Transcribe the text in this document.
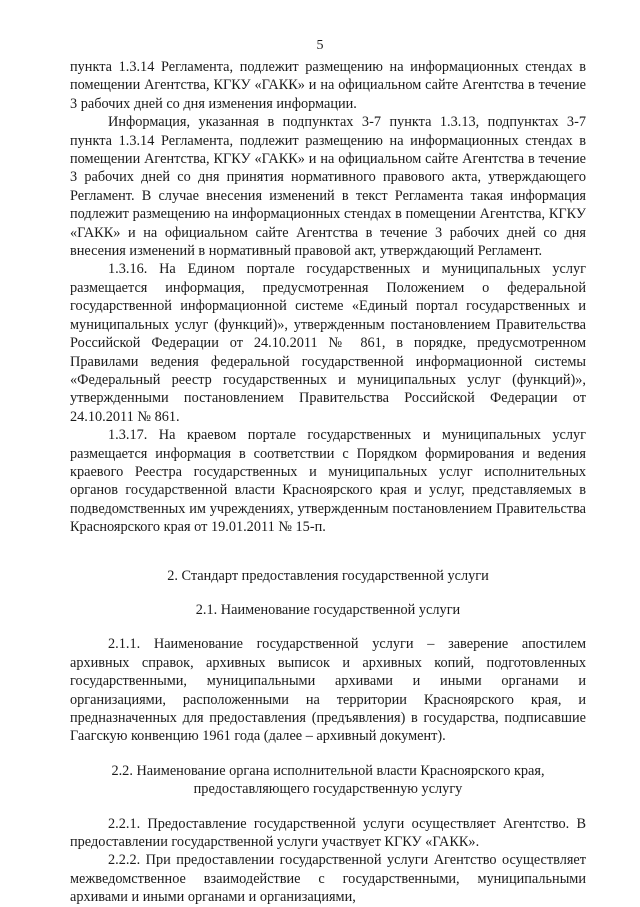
5

пункта 1.3.14 Регламента, подлежит размещению на информационных стендах в помещении Агентства, КГКУ «ГАКК» и на официальном сайте Агентства в течение 3 рабочих дней со дня изменения информации.

Информация, указанная в подпунктах 3-7 пункта 1.3.13, подпунктах 3-7 пункта 1.3.14 Регламента, подлежит размещению на информационных стендах в помещении Агентства, КГКУ «ГАКК» и на официальном сайте Агентства в течение 3 рабочих дней со дня принятия нормативного правового акта, утверждающего Регламент. В случае внесения изменений в текст Регламента такая информация подлежит размещению на информационных стендах в помещении Агентства, КГКУ «ГАКК» и на официальном сайте Агентства в течение 3 рабочих дней со дня внесения изменений в нормативный правовой акт, утверждающий Регламент.

1.3.16. На Едином портале государственных и муниципальных услуг размещается информация, предусмотренная Положением о федеральной государственной информационной системе «Единый портал государственных и муниципальных услуг (функций)», утвержденным постановлением Правительства Российской Федерации от 24.10.2011 № 861, в порядке, предусмотренном Правилами ведения федеральной государственной информационной системы «Федеральный реестр государственных и муниципальных услуг (функций)», утвержденными постановлением Правительства Российской Федерации от 24.10.2011 № 861.

1.3.17. На краевом портале государственных и муниципальных услуг размещается информация в соответствии с Порядком формирования и ведения краевого Реестра государственных и муниципальных услуг исполнительных органов государственной власти Красноярского края и услуг, представляемых в подведомственных им учреждениях, утвержденным постановлением Правительства Красноярского края от 19.01.2011 № 15-п.

2. Стандарт предоставления государственной услуги

2.1. Наименование государственной услуги

2.1.1. Наименование государственной услуги – заверение апостилем архивных справок, архивных выписок и архивных копий, подготовленных государственными, муниципальными архивами и иными органами и организациями, расположенными на территории Красноярского края, и предназначенных для предоставления (предъявления) в государства, подписавшие Гаагскую конвенцию 1961 года (далее – архивный документ).

2.2. Наименование органа исполнительной власти Красноярского края,

предоставляющего государственную услугу

2.2.1. Предоставление государственной услуги осуществляет Агентство. В предоставлении государственной услуги участвует КГКУ «ГАКК».

2.2.2. При предоставлении государственной услуги Агентство осуществляет межведомственное взаимодействие с государственными, муниципальными архивами и иными органами и организациями,
